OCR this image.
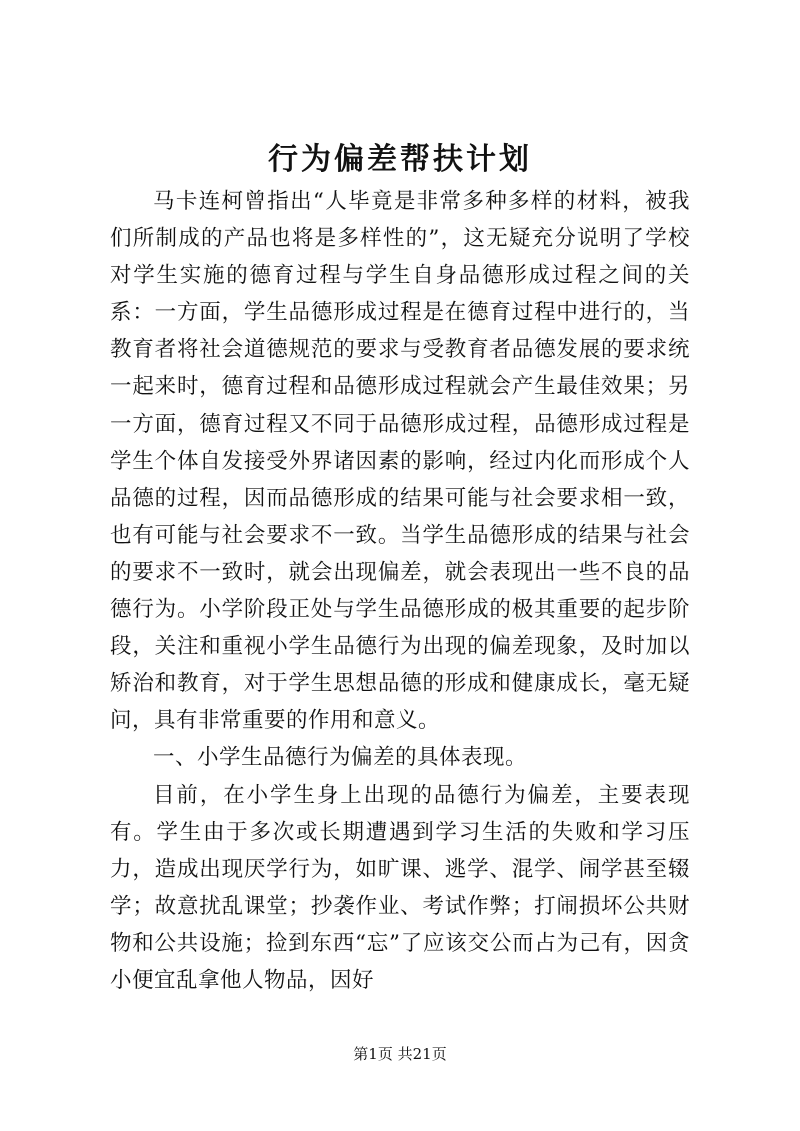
行为偏差帮扶计划

马卡连柯曾指出“人毕竟是非常多种多样的材料，被我们所制成的产品也将是多样性的”，这无疑充分说明了学校对学生实施的德育过程与学生自身品德形成过程之间的关系：一方面，学生品德形成过程是在德育过程中进行的，当教育者将社会道德规范的要求与受教育者品德发展的要求统一起来时，德育过程和品德形成过程就会产生最佳效果；另一方面，德育过程又不同于品德形成过程，品德形成过程是学生个体自发接受外界诸因素的影响，经过内化而形成个人品德的过程，因而品德形成的结果可能与社会要求相一致，也有可能与社会要求不一致。当学生品德形成的结果与社会的要求不一致时，就会出现偏差，就会表现出一些不良的品德行为。小学阶段正处与学生品德形成的极其重要的起步阶段，关注和重视小学生品德行为出现的偏差现象，及时加以矫治和教育，对于学生思想品德的形成和健康成长，毫无疑问，具有非常重要的作用和意义。

一、小学生品德行为偏差的具体表现。

目前，在小学生身上出现的品德行为偏差，主要表现有。学生由于多次或长期遭遇到学习生活的失败和学习压力，造成出现厌学行为，如旷课、逃学、混学、闹学甚至辍学；故意扰乱课堂；抄袭作业、考试作弊；打闹损坏公共财物和公共设施；捡到东西“忘”了应该交公而占为己有，因贪小便宜乱拿他人物品，因好

第1页 共21页
